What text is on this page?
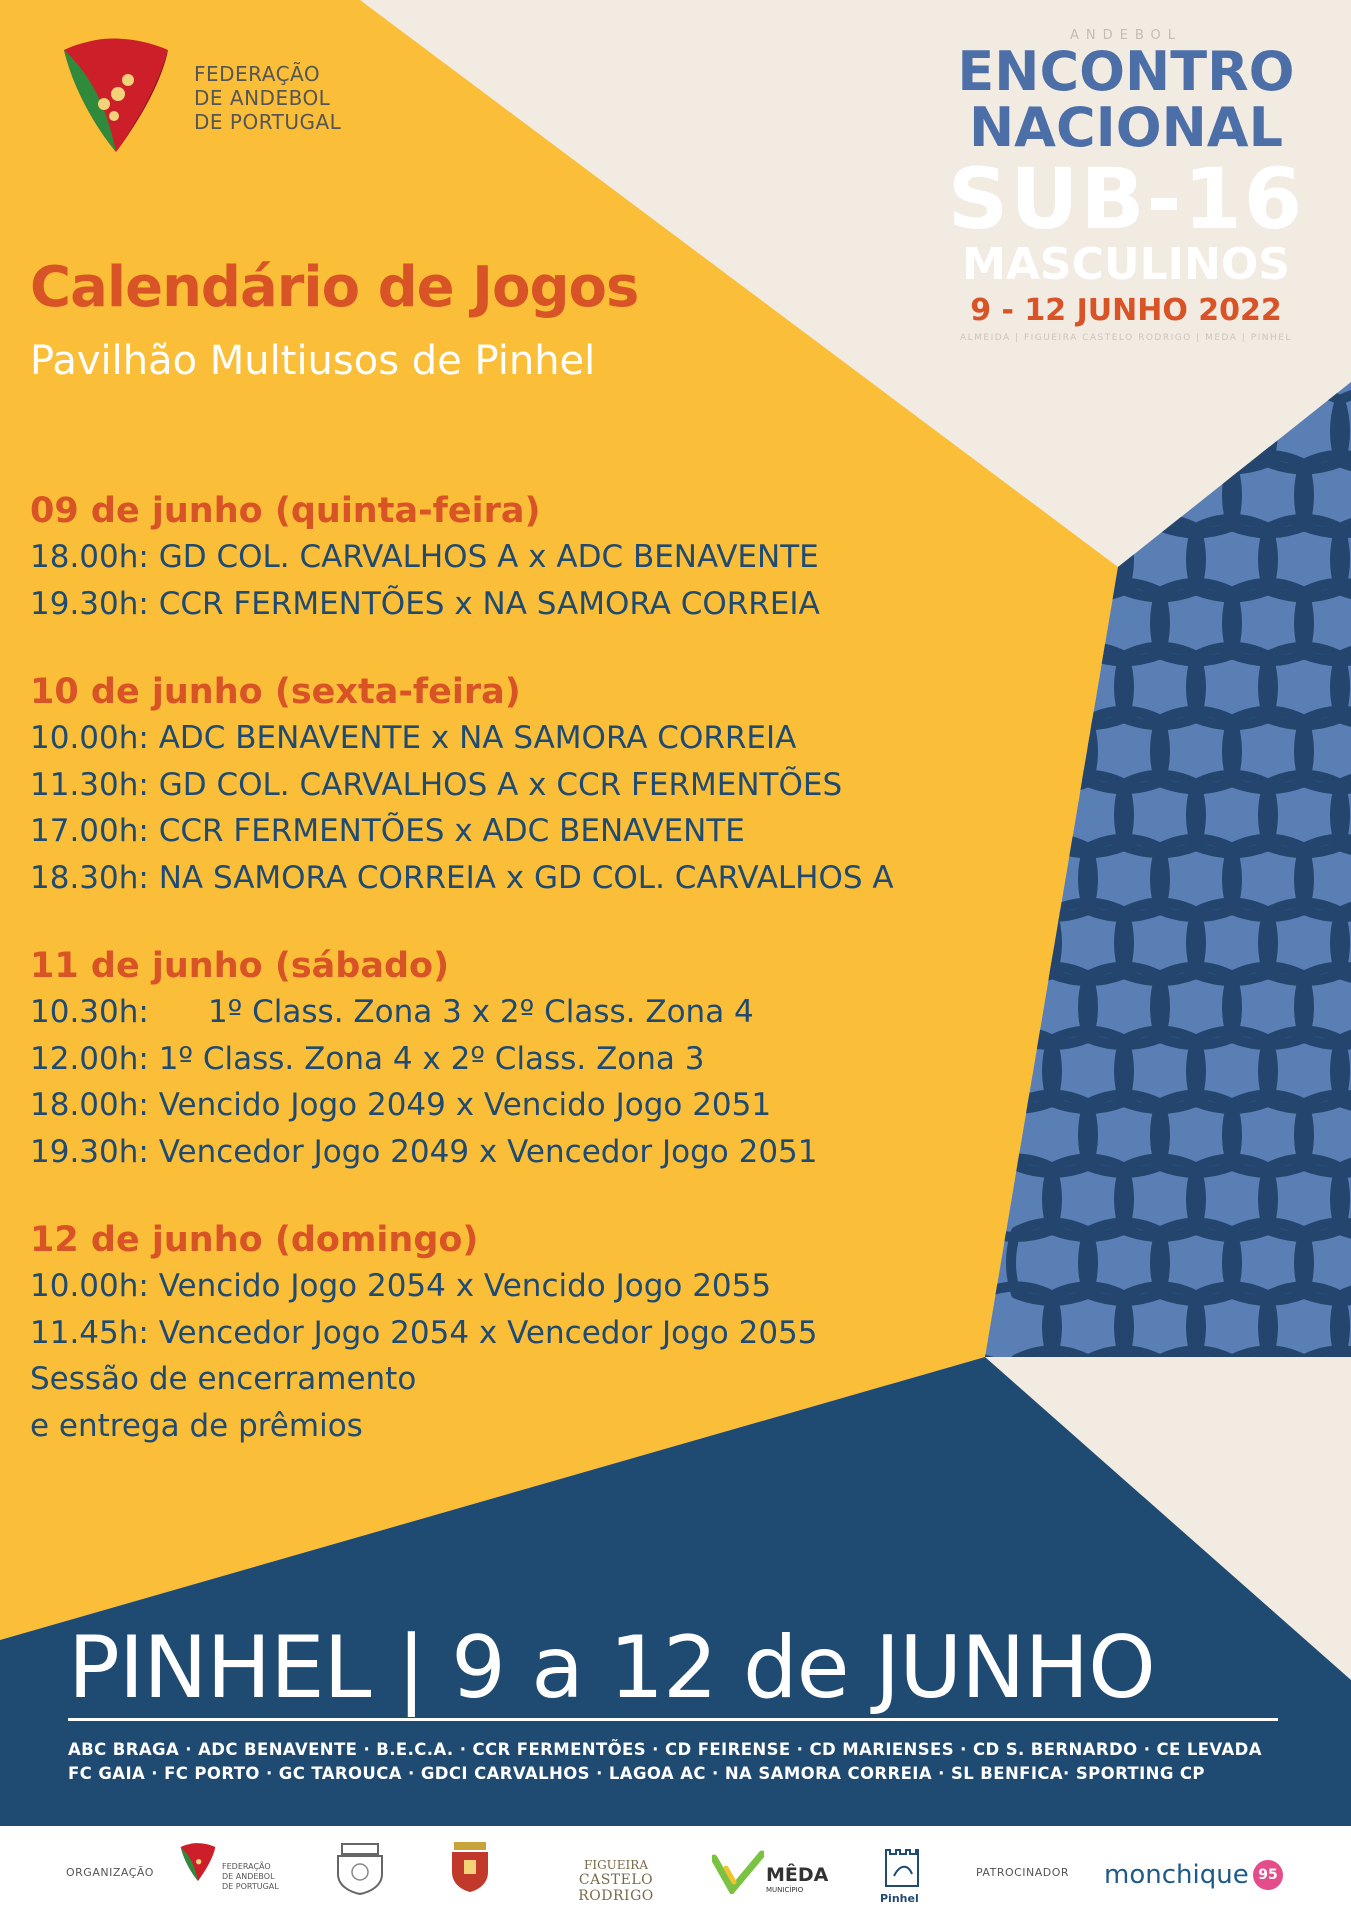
FEDERAÇÃO
DE ANDEBOL
DE PORTUGAL
ANDEBOL
ENCONTRO
NACIONAL
SUB-16
MASCULINOS
9 - 12 JUNHO 2022
ALMEIDA | FIGUEIRA CASTELO RODRIGO | MEDA | PINHEL
Calendário de Jogos
Pavilhão Multiusos de Pinhel
09 de junho (quinta-feira)
18.00h: GD COL. CARVALHOS A x ADC BENAVENTE
19.30h: CCR FERMENTÕES x NA SAMORA CORREIA
10 de junho (sexta-feira)
10.00h: ADC BENAVENTE x NA SAMORA CORREIA
11.30h: GD COL. CARVALHOS A x CCR FERMENTÕES
17.00h: CCR FERMENTÕES x ADC BENAVENTE
18.30h: NA SAMORA CORREIA x GD COL. CARVALHOS A
11 de junho (sábado)
10.30h:      1º Class. Zona 3 x 2º Class. Zona 4
12.00h: 1º Class. Zona 4 x 2º Class. Zona 3
18.00h: Vencido Jogo 2049 x Vencido Jogo 2051
19.30h: Vencedor Jogo 2049 x Vencedor Jogo 2051
12 de junho (domingo)
10.00h: Vencido Jogo 2054 x Vencido Jogo 2055
11.45h: Vencedor Jogo 2054 x Vencedor Jogo 2055
Sessão de encerramento
e entrega de prêmios
PINHEL | 9 a 12 de JUNHO
ABC BRAGA · ADC BENAVENTE · B.E.C.A. · CCR FERMENTÕES · CD FEIRENSE · CD MARIENSES · CD S. BERNARDO · CE LEVADA
FC GAIA · FC PORTO · GC TAROUCA · GDCI CARVALHOS · LAGOA AC · NA SAMORA CORREIA · SL BENFICA· SPORTING CP
ORGANIZAÇÃO	FEDERAÇÃO
DE ANDEBOL
DE PORTUGAL
FIGUEIRA
CASTELO RODRIGO
MÊDA
MUNICÍPIO
Pinhel
PATROCINADOR monchique 95
